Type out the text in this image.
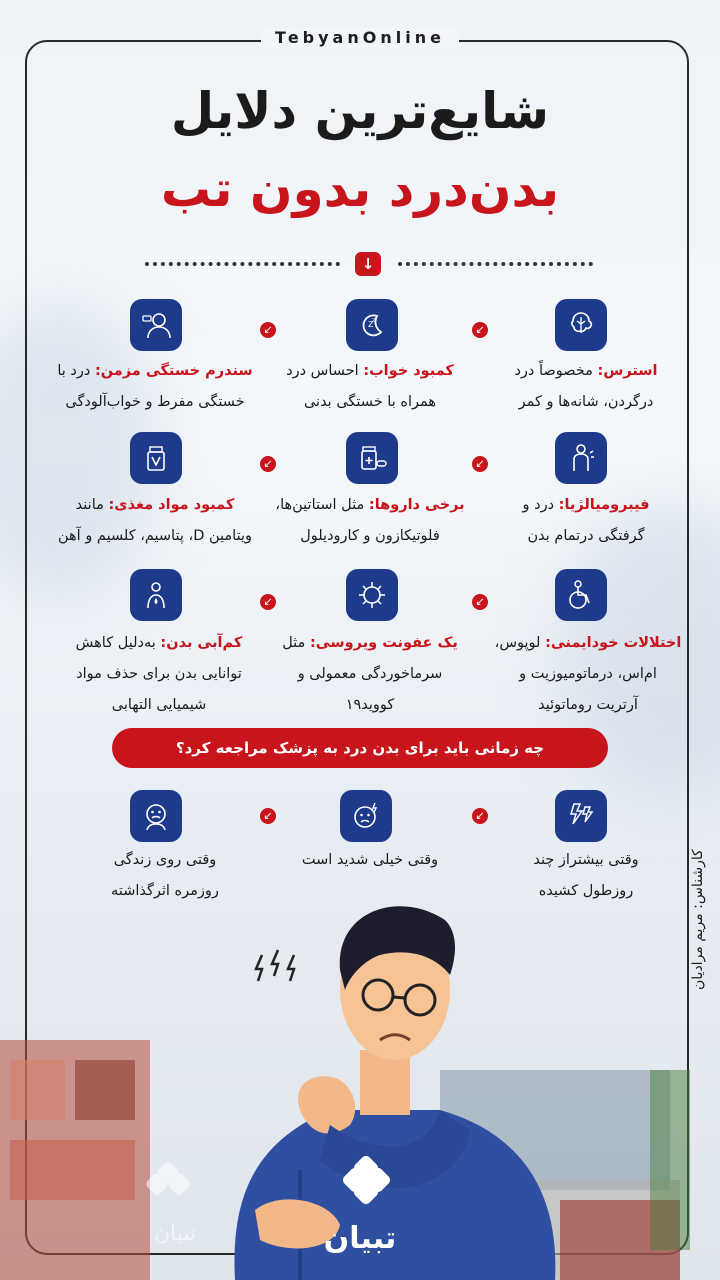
TebyanOnline
شایع‌ترین دلایل
بدن‌درد بدون تب
↓
↙
Z
z
↙
استرس: مخصوصاً درد
درگردن، شانه‌ها و کمر
کمبود خواب: احساس درد
همراه با خستگی بدنی
سندرم خستگی مزمن: درد با
خستگی مفرط و خواب‌آلودگی
↙
↙
فیبرومیالژیا: درد و
گرفتگی درتمام بدن
برخی داروها: مثل استاتین‌ها،
فلوتیکازون و کارودیلول
کمبود مواد مغذی: مانند
ویتامین D، پتاسیم، کلسیم و آهن
↙
↙
اختلالات خودایمنی: لوپوس،
ام‌اس، درماتومیوزیت و
آرتریت روماتوئید
یک عفونت ویروسی: مثل
سرماخوردگی معمولی و
کووید۱۹
کم‌آبی بدن: به‌دلیل کاهش
توانایی بدن برای حذف مواد
شیمیایی التهابی
چه زمانی باید برای بدن درد به پزشک مراجعه کرد؟
↙
↙
وقتی بیشتراز چند
روزطول کشیده
وقتی خیلی شدید است
وقتی روی زندگی
روزمره اثرگذاشته	کارشناس: مریم مرادیان
تبیان	تبیان
